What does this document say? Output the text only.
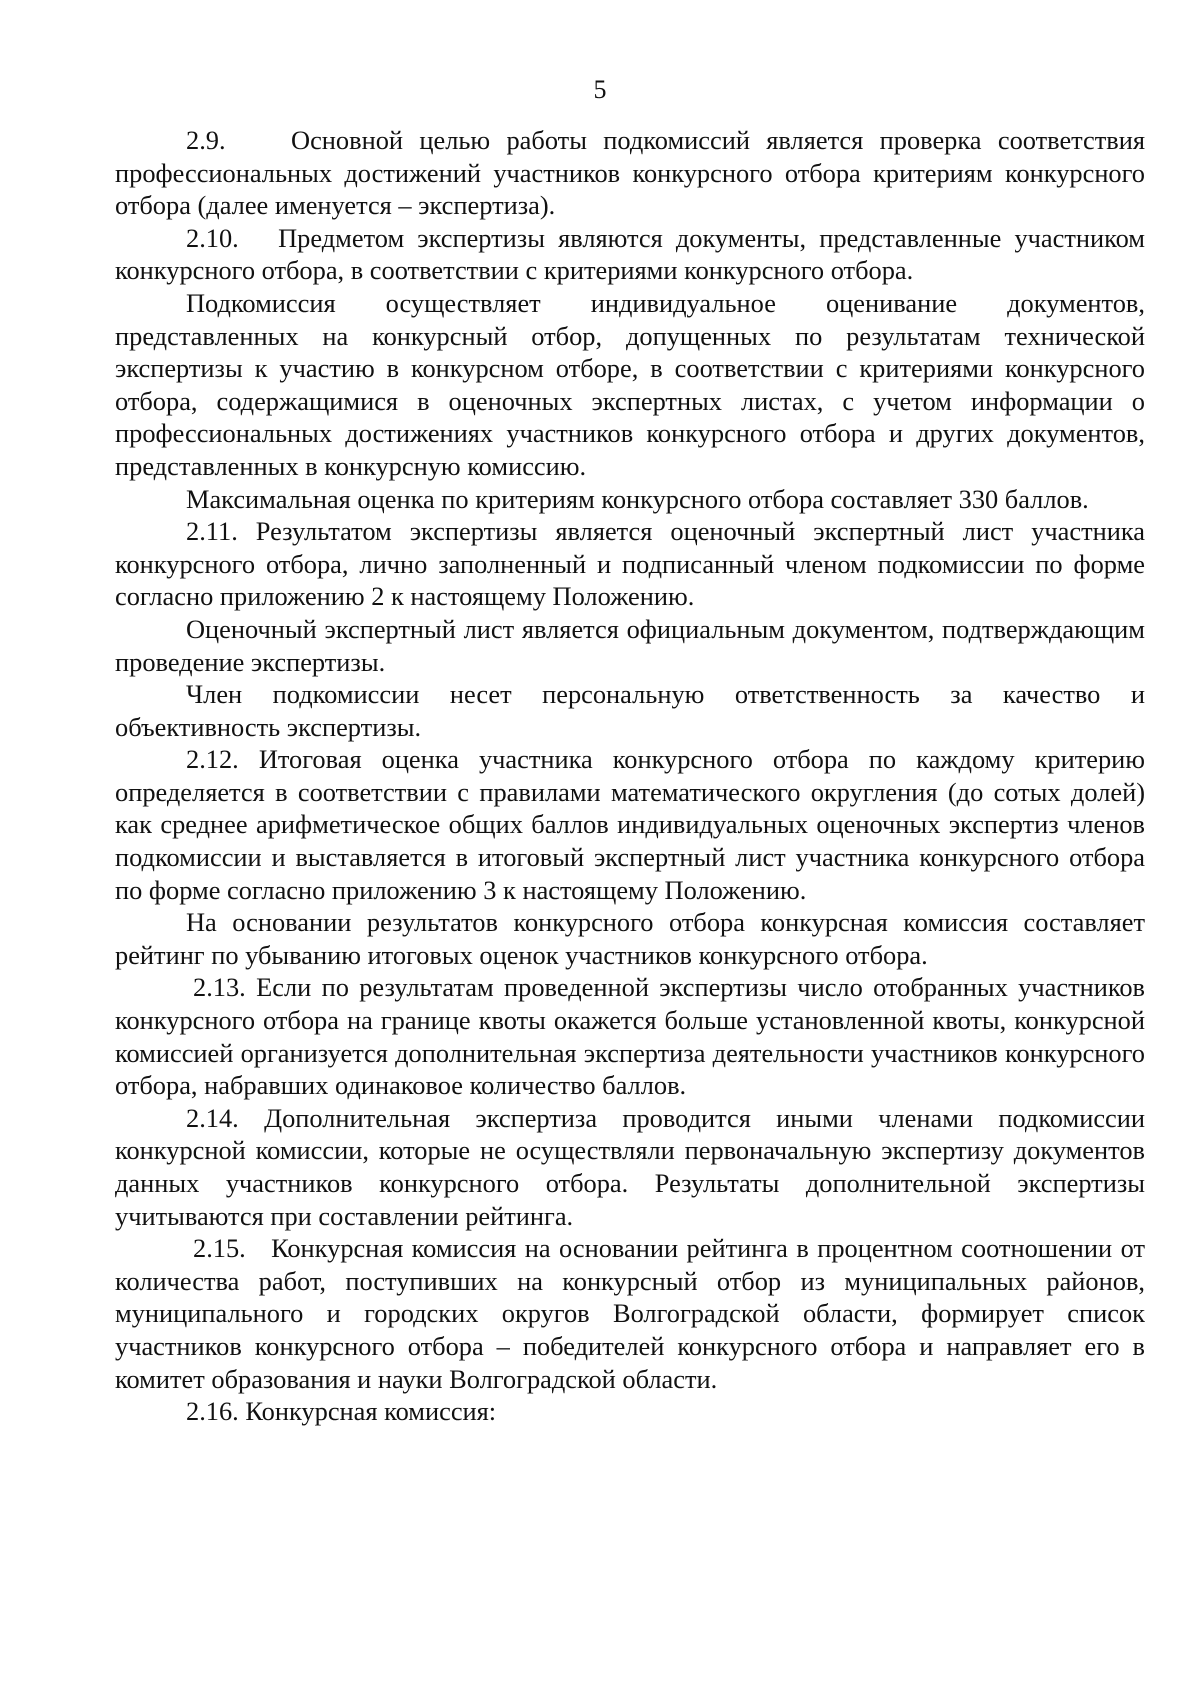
5

2.9.    Основной целью работы подкомиссий является проверка соответствия профессиональных достижений участников конкурсного отбора критериям конкурсного отбора (далее именуется – экспертиза).

2.10.   Предметом экспертизы являются документы, представленные участником конкурсного отбора, в соответствии с критериями конкурсного отбора.

Подкомиссия осуществляет индивидуальное оценивание документов, представленных на конкурсный отбор, допущенных по результатам технической экспертизы к участию в конкурсном отборе, в соответствии с критериями конкурсного отбора, содержащимися в оценочных экспертных листах, с учетом информации о профессиональных достижениях участников конкурсного отбора и других документов, представленных в конкурсную комиссию.

Максимальная оценка по критериям конкурсного отбора составляет 330 баллов.

2.11. Результатом экспертизы является оценочный экспертный лист участника конкурсного отбора, лично заполненный и подписанный членом подкомиссии по форме согласно приложению 2 к настоящему Положению.

Оценочный экспертный лист является официальным документом, подтверждающим проведение экспертизы.

Член подкомиссии несет персональную ответственность за качество и объективность экспертизы.

2.12. Итоговая оценка участника конкурсного отбора по каждому критерию определяется в соответствии с правилами математического округления (до сотых долей) как среднее арифметическое общих баллов индивидуальных оценочных экспертиз членов подкомиссии и выставляется в итоговый экспертный лист участника конкурсного отбора по форме согласно приложению 3 к настоящему Положению.

На основании результатов конкурсного отбора конкурсная комиссия составляет рейтинг по убыванию итоговых оценок участников конкурсного отбора.

2.13. Если по результатам проведенной экспертизы число отобранных участников конкурсного отбора на границе квоты окажется больше установленной квоты, конкурсной комиссией организуется дополнительная экспертиза деятельности участников конкурсного отбора, набравших одинаковое количество баллов.

2.14. Дополнительная экспертиза проводится иными членами подкомиссии конкурсной комиссии, которые не осуществляли первоначальную экспертизу документов данных участников конкурсного отбора. Результаты дополнительной экспертизы учитываются при составлении рейтинга.

2.15.   Конкурсная комиссия на основании рейтинга в процентном соотношении от количества работ, поступивших на конкурсный отбор из муниципальных районов, муниципального и городских округов Волгоградской области, формирует список участников конкурсного отбора – победителей конкурсного отбора и направляет его в комитет образования и науки Волгоградской области.

2.16. Конкурсная комиссия:
